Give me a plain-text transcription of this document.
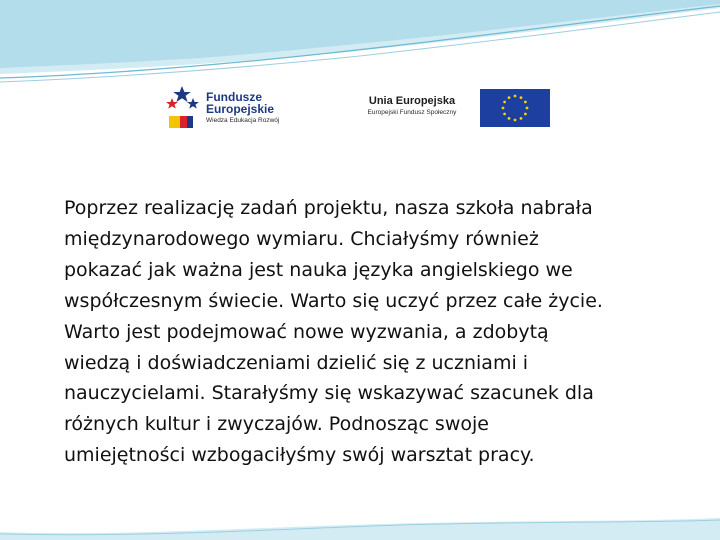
Fundusze
Europejskie
Wiedza Edukacja Rozwój
Unia Europejska
Europejski Fundusz Społeczny
Poprzez realizację zadań projektu, nasza szkoła nabrała
międzynarodowego wymiaru. Chciałyśmy również
pokazać jak ważna jest nauka języka angielskiego we
współczesnym świecie. Warto się uczyć przez całe życie.
Warto jest podejmować nowe wyzwania, a zdobytą
wiedzą i doświadczeniami dzielić się z uczniami i
nauczycielami. Starałyśmy się wskazywać szacunek dla
różnych kultur i zwyczajów. Podnosząc swoje
umiejętności wzbogaciłyśmy swój warsztat pracy.
